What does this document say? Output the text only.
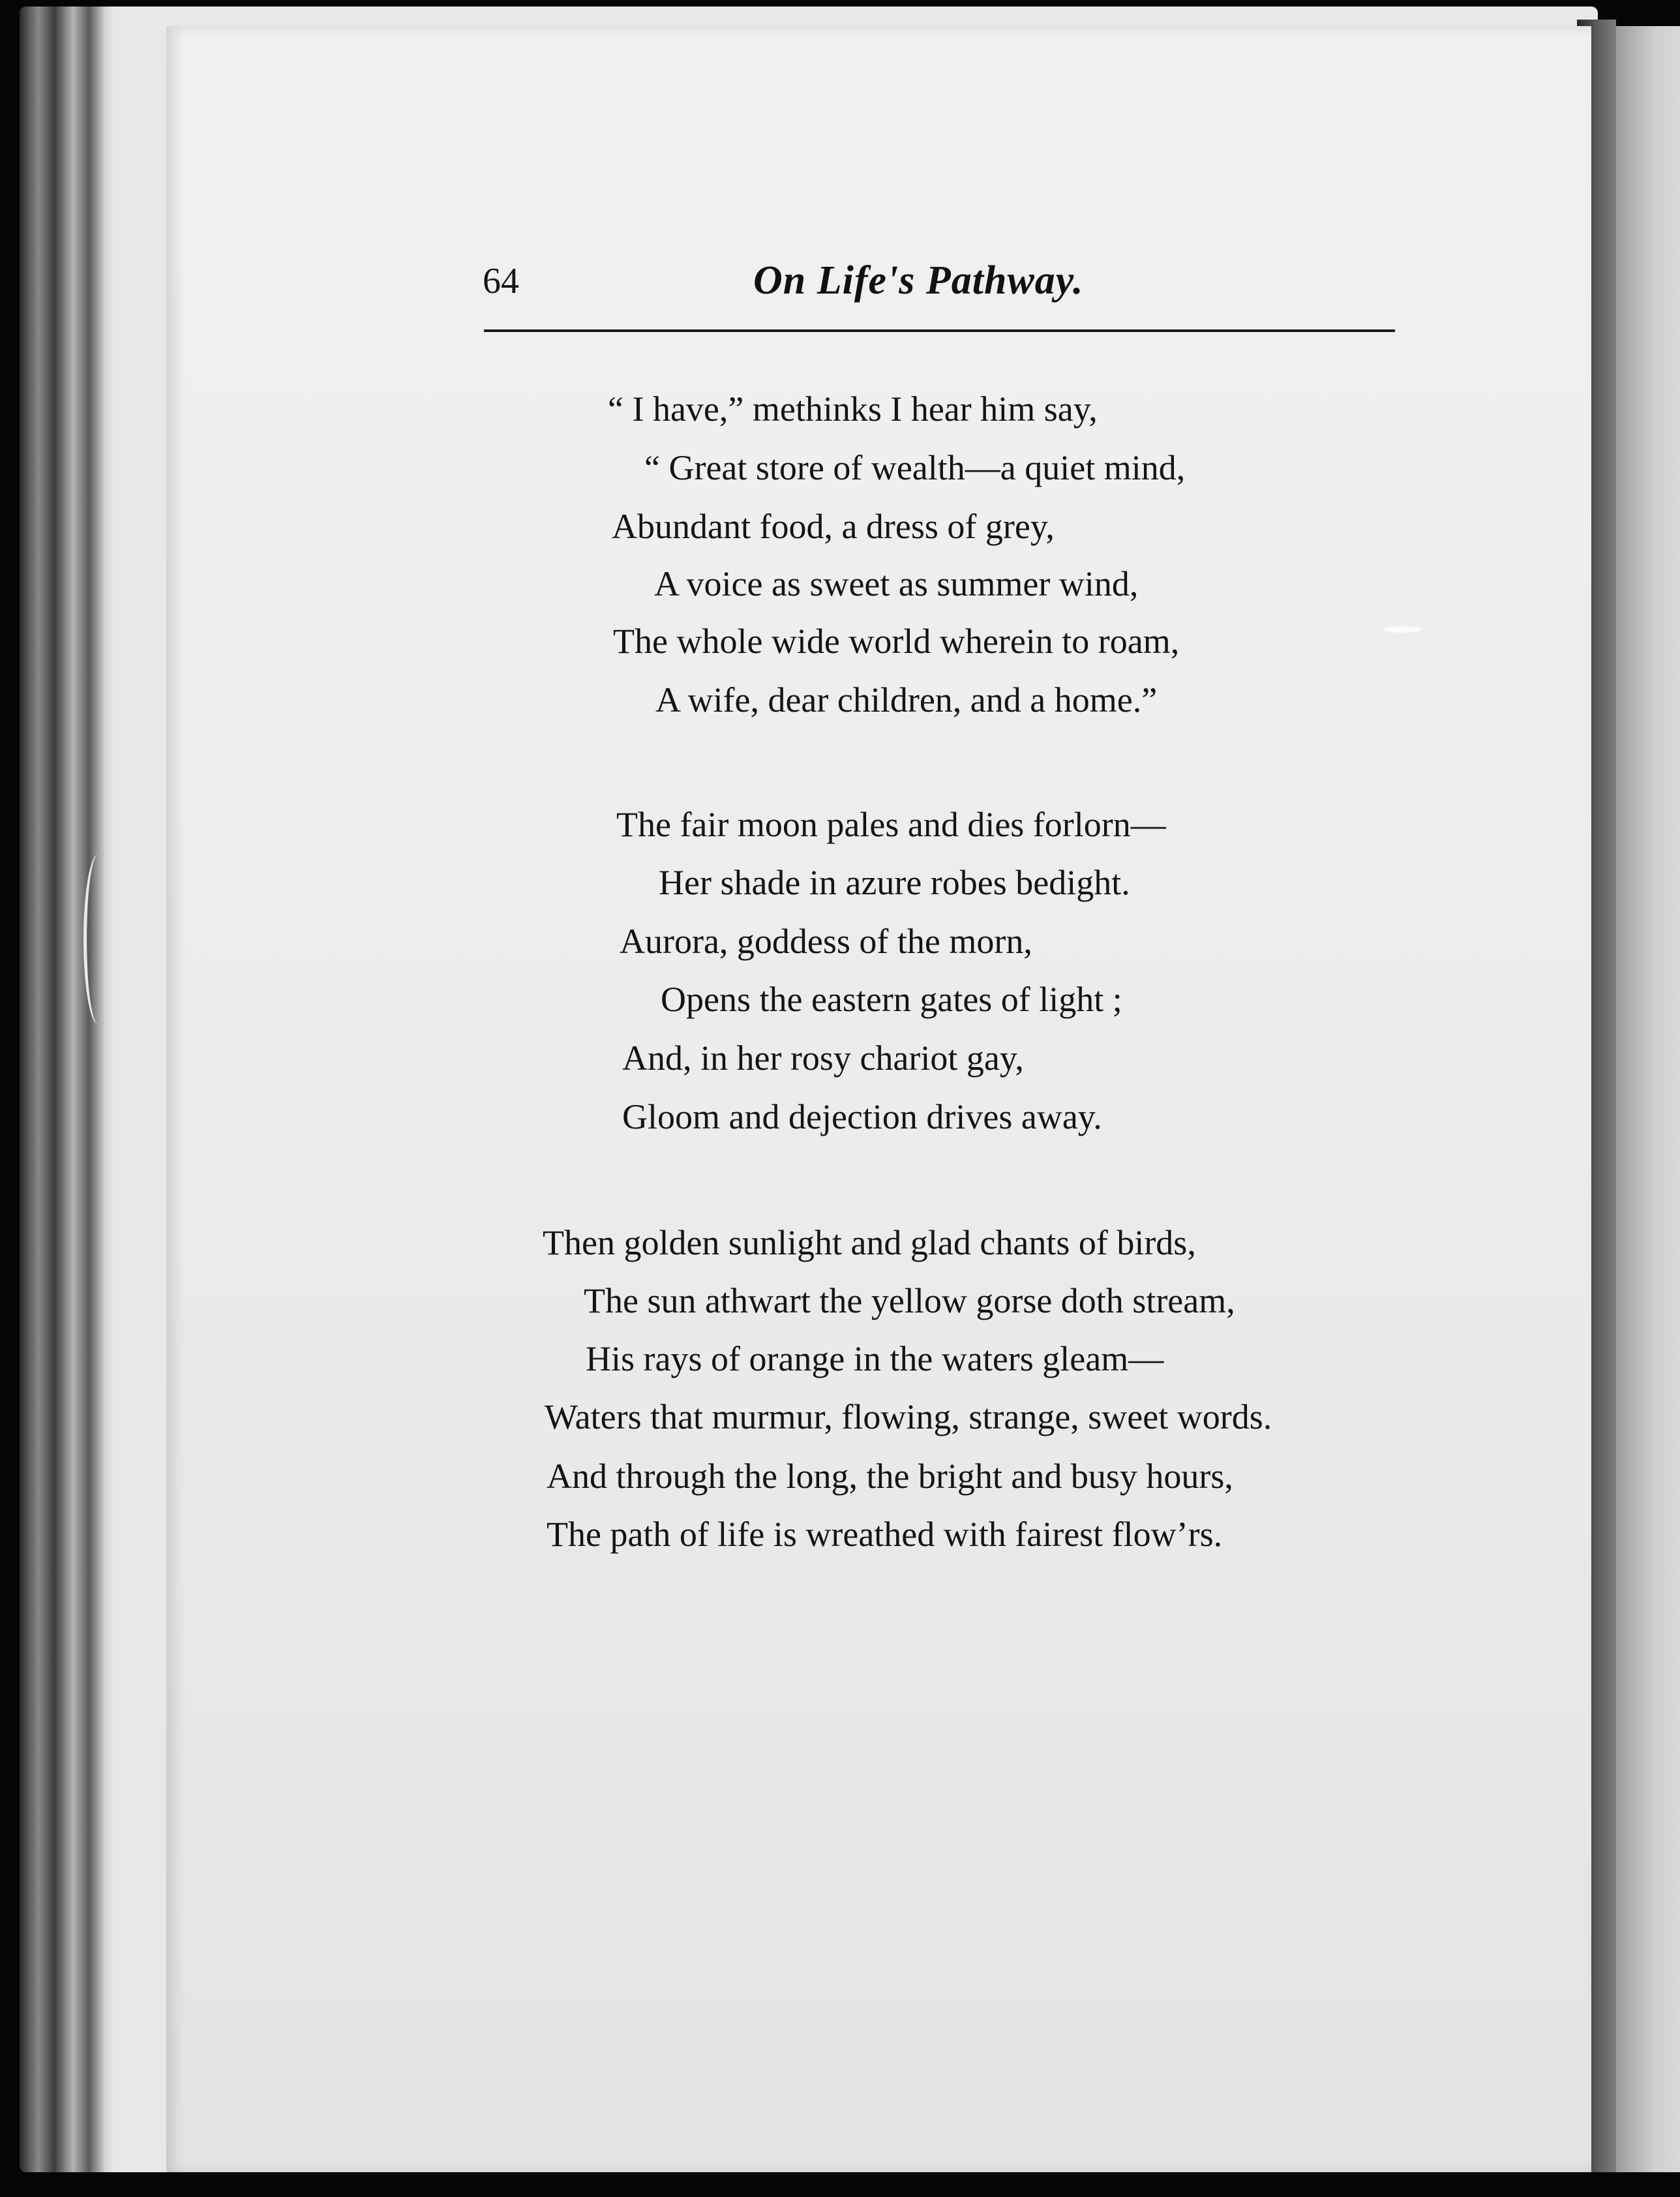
64	On Life's Pathway.
“ I have,” methinks I hear him say,
“ Great store of wealth—a quiet mind,
Abundant food, a dress of grey,
A voice as sweet as summer wind,
The whole wide world wherein to roam,
A wife, dear children, and a home.”
The fair moon pales and dies forlorn—
Her shade in azure robes bedight.
Aurora, goddess of the morn,
Opens the eastern gates of light ;
And, in her rosy chariot gay,
Gloom and dejection drives away.
Then golden sunlight and glad chants of birds,
The sun athwart the yellow gorse doth stream,
His rays of orange in the waters gleam—
Waters that murmur, flowing, strange, sweet words.
And through the long, the bright and busy hours,
The path of life is wreathed with fairest flow’rs.
